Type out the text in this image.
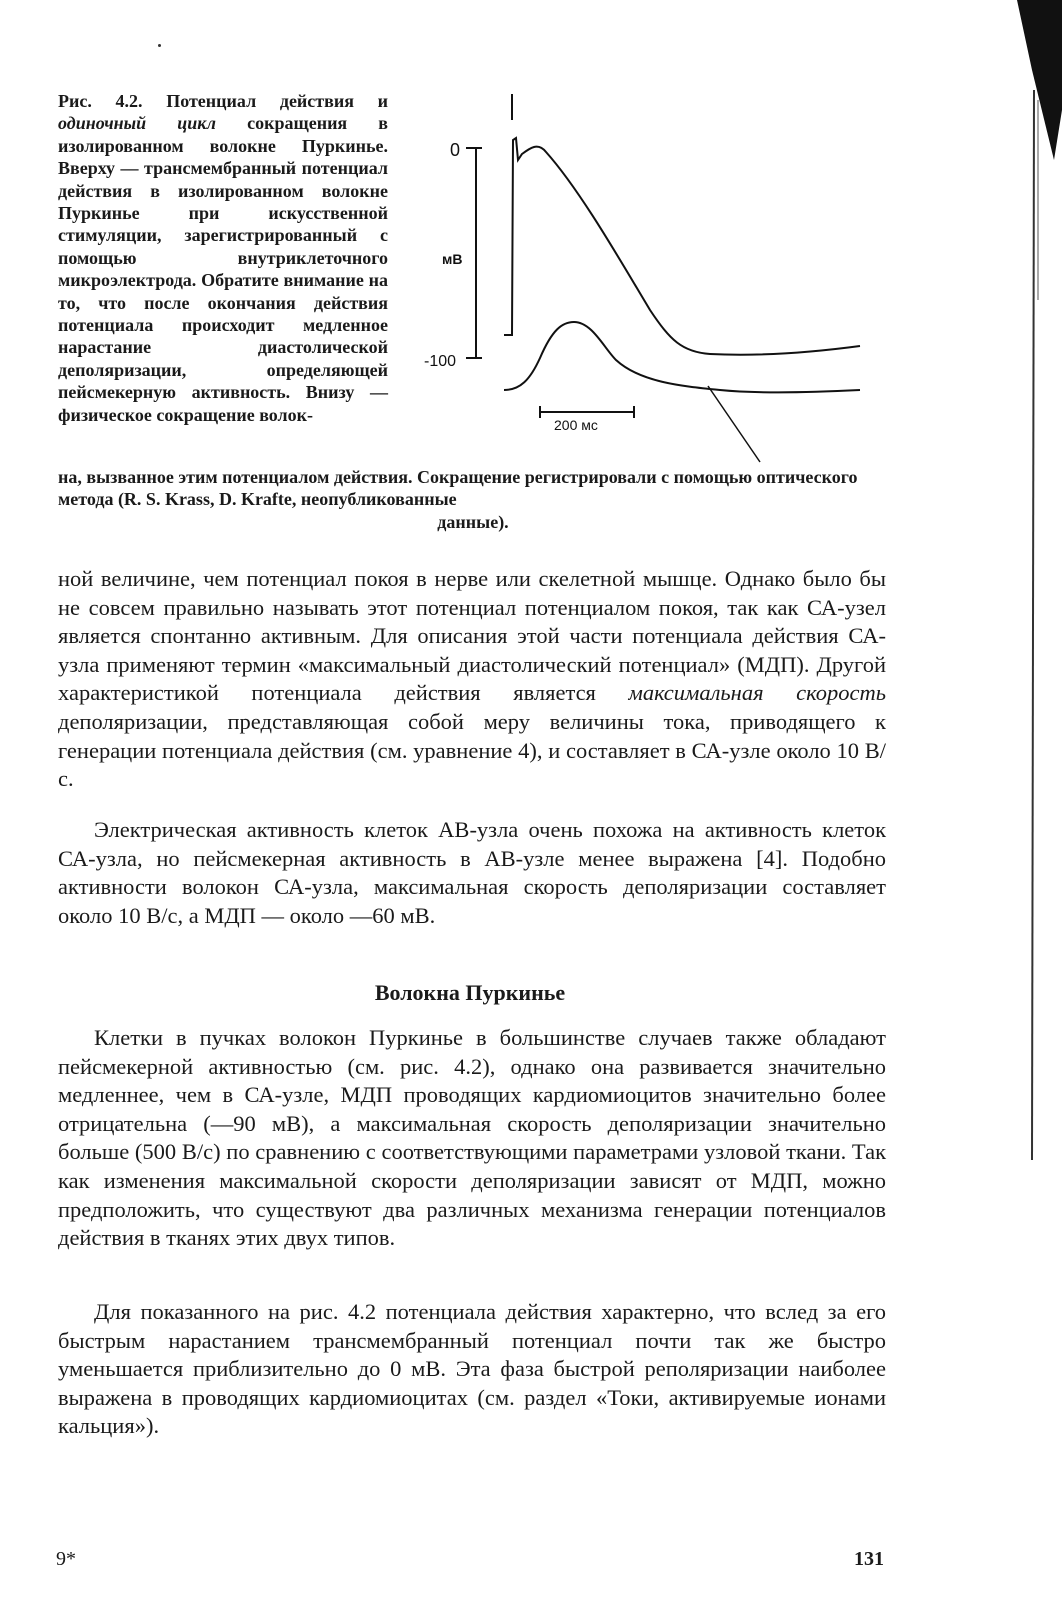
0
мВ
-100
200 мс

Рис. 4.2. Потенциал действия и одиночный цикл сокращения в изолированном волокне Пуркинье. Вверху — трансмембранный потенциал действия в изолированном волокне Пуркинье при искусственной стимуляции, зарегистрированный с помощью внутриклеточного микроэлектрода. Обратите внимание на то, что после окончания действия потенциала происходит медленное нарастание диастолической деполяризации, определяющей пейсмекерную активность. Внизу — физическое сокращение волок-

на, вызванное этим потенциалом действия. Сокращение регистрировали с помощью оптического метода (R. S. Krass, D. Krafte, неопубликованные
данные).

ной величине, чем потенциал покоя в нерве или скелетной мышце. Однако было бы не совсем правильно называть этот потенциал потенциалом покоя, так как СА-узел является спонтанно активным. Для описания этой части потенциала действия СА-узла применяют термин «максимальный диастолический потенциал» (МДП). Другой характеристикой потенциала действия является максимальная скорость деполяризации, представляющая собой меру величины тока, приводящего к генерации потенциала действия (см. уравнение 4), и составляет в СА-узле около 10 В/с.

Электрическая активность клеток АВ-узла очень похожа на активность клеток СА-узла, но пейсмекерная активность в АВ-узле менее выражена [4]. Подобно активности волокон СА-узла, максимальная скорость деполяризации составляет около 10 В/с, а МДП — около —60 мВ.

Волокна Пуркинье

Клетки в пучках волокон Пуркинье в большинстве случаев также обладают пейсмекерной активностью (см. рис. 4.2), однако она развивается значительно медленнее, чем в СА-узле, МДП проводящих кардиомиоцитов значительно более отрицательна (—90 мВ), а максимальная скорость деполяризации значительно больше (500 В/с) по сравнению с соответствующими параметрами узловой ткани. Так как изменения максимальной скорости деполяризации зависят от МДП, можно предположить, что существуют два различных механизма генерации потенциалов действия в тканях этих двух типов.

Для показанного на рис. 4.2 потенциала действия характерно, что вслед за его быстрым нарастанием трансмембранный потенциал почти так же быстро уменьшается приблизительно до 0 мВ. Эта фаза быстрой реполяризации наиболее выражена в проводящих кардиомиоцитах (см. раздел «Токи, активируемые ионами кальция»).

9*	131
